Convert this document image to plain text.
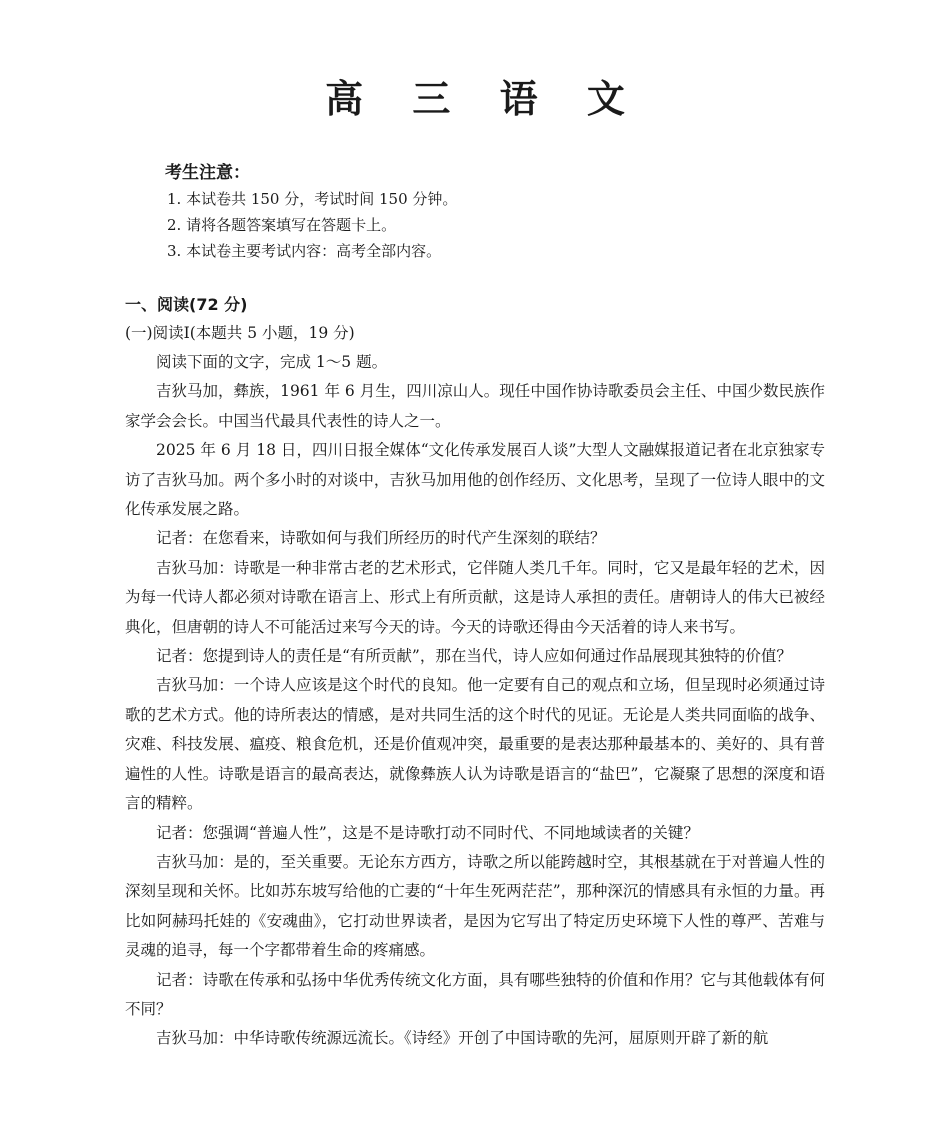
高 三 语 文

考生注意：

1. 本试卷共 150 分，考试时间 150 分钟。

2. 请将各题答案填写在答题卡上。

3. 本试卷主要考试内容：高考全部内容。

一、阅读(72 分)

(一)阅读Ⅰ(本题共 5 小题，19 分)

阅读下面的文字，完成 1～5 题。

吉狄马加，彝族，1961 年 6 月生，四川凉山人。现任中国作协诗歌委员会主任、中国少数民族作家学会会长。中国当代最具代表性的诗人之一。

2025 年 6 月 18 日，四川日报全媒体“文化传承发展百人谈”大型人文融媒报道记者在北京独家专访了吉狄马加。两个多小时的对谈中，吉狄马加用他的创作经历、文化思考，呈现了一位诗人眼中的文化传承发展之路。

记者：在您看来，诗歌如何与我们所经历的时代产生深刻的联结？

吉狄马加：诗歌是一种非常古老的艺术形式，它伴随人类几千年。同时，它又是最年轻的艺术，因为每一代诗人都必须对诗歌在语言上、形式上有所贡献，这是诗人承担的责任。唐朝诗人的伟大已被经典化，但唐朝的诗人不可能活过来写今天的诗。今天的诗歌还得由今天活着的诗人来书写。

记者：您提到诗人的责任是“有所贡献”，那在当代，诗人应如何通过作品展现其独特的价值？

吉狄马加：一个诗人应该是这个时代的良知。他一定要有自己的观点和立场，但呈现时必须通过诗歌的艺术方式。他的诗所表达的情感，是对共同生活的这个时代的见证。无论是人类共同面临的战争、灾难、科技发展、瘟疫、粮食危机，还是价值观冲突，最重要的是表达那种最基本的、美好的、具有普遍性的人性。诗歌是语言的最高表达，就像彝族人认为诗歌是语言的“盐巴”，它凝聚了思想的深度和语言的精粹。

记者：您强调“普遍人性”，这是不是诗歌打动不同时代、不同地域读者的关键？

吉狄马加：是的，至关重要。无论东方西方，诗歌之所以能跨越时空，其根基就在于对普遍人性的深刻呈现和关怀。比如苏东坡写给他的亡妻的“十年生死两茫茫”，那种深沉的情感具有永恒的力量。再比如阿赫玛托娃的《安魂曲》，它打动世界读者，是因为它写出了特定历史环境下人性的尊严、苦难与灵魂的追寻，每一个字都带着生命的疼痛感。

记者：诗歌在传承和弘扬中华优秀传统文化方面，具有哪些独特的价值和作用？它与其他载体有何不同？

吉狄马加：中华诗歌传统源远流长。《诗经》开创了中国诗歌的先河，屈原则开辟了新的航
